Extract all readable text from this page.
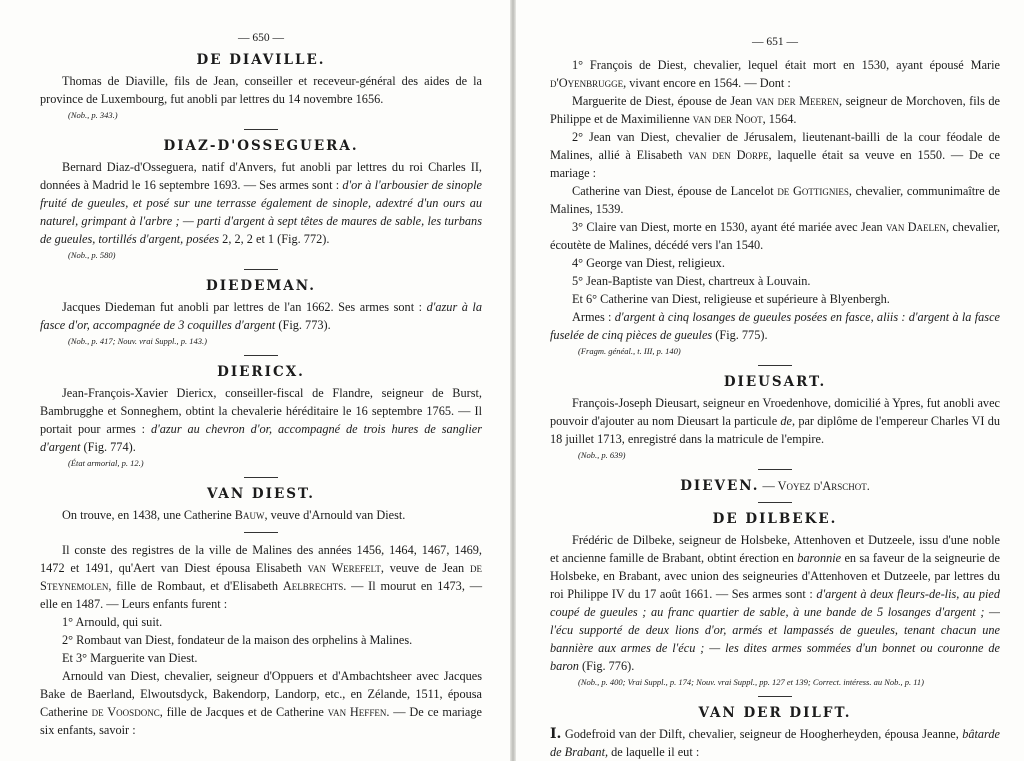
— 650 —
DE DIAVILLE.

Thomas de Diaville, fils de Jean, conseiller et receveur-général des aides de la province de Luxembourg, fut anobli par lettres du 14 novembre 1656.

(Nob., p. 343.)
DIAZ-D'OSSEGUERA.

Bernard Diaz-d'Osseguera, natif d'Anvers, fut anobli par lettres du roi Charles II, données à Madrid le 16 septembre 1693. — Ses armes sont : d'or à l'arbousier de sinople fruité de gueules, et posé sur une terrasse également de sinople, adextré d'un ours au naturel, grimpant à l'arbre ; — parti d'argent à sept têtes de maures de sable, les turbans de gueules, tortillés d'argent, posées 2, 2, 2 et 1 (Fig. 772).

(Nob., p. 580)
DIEDEMAN.

Jacques Diedeman fut anobli par lettres de l'an 1662. Ses armes sont : d'azur à la fasce d'or, accompagnée de 3 coquilles d'argent (Fig. 773).

(Nob., p. 417; Nouv. vrai Suppl., p. 143.)
DIERICX.

Jean-François-Xavier Diericx, conseiller-fiscal de Flandre, seigneur de Burst, Bambrugghe et Sonneghem, obtint la chevalerie héréditaire le 16 septembre 1765. — Il portait pour armes : d'azur au chevron d'or, accompagné de trois hures de sanglier d'argent (Fig. 774).

(État armorial, p. 12.)
VAN DIEST.

On trouve, en 1438, une Catherine Bauw, veuve d'Arnould van Diest.

Il conste des registres de la ville de Malines des années 1456, 1464, 1467, 1469, 1472 et 1491, qu'Aert van Diest épousa Elisabeth van Werefelt, veuve de Jean de Steynemolen, fille de Rombaut, et d'Elisabeth Aelbrechts. — Il mourut en 1473, — elle en 1487. — Leurs enfants furent :

1° Arnould, qui suit.

2° Rombaut van Diest, fondateur de la maison des orphelins à Malines.

Et 3° Marguerite van Diest.

Arnould van Diest, chevalier, seigneur d'Oppuers et d'Ambachtsheer avec Jacques Bake de Baerland, Elwoutsdyck, Bakendorp, Landorp, etc., en Zélande, 1511, épousa Catherine de Voosdonc, fille de Jacques et de Catherine van Heffen. — De ce mariage six enfants, savoir :

— 651 —

1° François de Diest, chevalier, lequel était mort en 1530, ayant épousé Marie d'Oyenbrugge, vivant encore en 1564. — Dont :

Marguerite de Diest, épouse de Jean van der Meeren, seigneur de Morchoven, fils de Philippe et de Maximilienne van der Noot, 1564.

2° Jean van Diest, chevalier de Jérusalem, lieutenant-bailli de la cour féodale de Malines, allié à Elisabeth van den Dorpe, laquelle était sa veuve en 1550. — De ce mariage :

Catherine van Diest, épouse de Lancelot de Gottignies, chevalier, communimaître de Malines, 1539.

3° Claire van Diest, morte en 1530, ayant été mariée avec Jean van Daelen, chevalier, écoutète de Malines, décédé vers l'an 1540.

4° George van Diest, religieux.

5° Jean-Baptiste van Diest, chartreux à Louvain.

Et 6° Catherine van Diest, religieuse et supérieure à Blyenbergh.

Armes : d'argent à cinq losanges de gueules posées en fasce, aliis : d'argent à la fasce fuselée de cinq pièces de gueules (Fig. 775).

(Fragm. généal., t. III, p. 140)
DIEUSART.

François-Joseph Dieusart, seigneur en Vroedenhove, domicilié à Ypres, fut anobli avec pouvoir d'ajouter au nom Dieusart la particule de, par diplôme de l'empereur Charles VI du 18 juillet 1713, enregistré dans la matricule de l'empire.

(Nob., p. 639)
DIEVEN. — Voyez d'Arschot.
DE DILBEKE.

Frédéric de Dilbeke, seigneur de Holsbeke, Attenhoven et Dutzeele, issu d'une noble et ancienne famille de Brabant, obtint érection en baronnie en sa faveur de la seigneurie de Holsbeke, en Brabant, avec union des seigneuries d'Attenhoven et Dutzeele, par lettres du roi Philippe IV du 17 août 1661. — Ses armes sont : d'argent à deux fleurs-de-lis, au pied coupé de gueules ; au franc quartier de sable, à une bande de 5 losanges d'argent ; — l'écu supporté de deux lions d'or, armés et lampassés de gueules, tenant chacun une bannière aux armes de l'écu ; — les dites armes sommées d'un bonnet ou couronne de baron (Fig. 776).

(Nob., p. 400; Vrai Suppl., p. 174; Nouv. vrai Suppl., pp. 127 et 139; Correct. intéress. au Nob., p. 11)
VAN DER DILFT.

I. Godefroid van der Dilft, chevalier, seigneur de Hoogherheyden, épousa Jeanne, bâtarde de Brabant, de laquelle il eut :
